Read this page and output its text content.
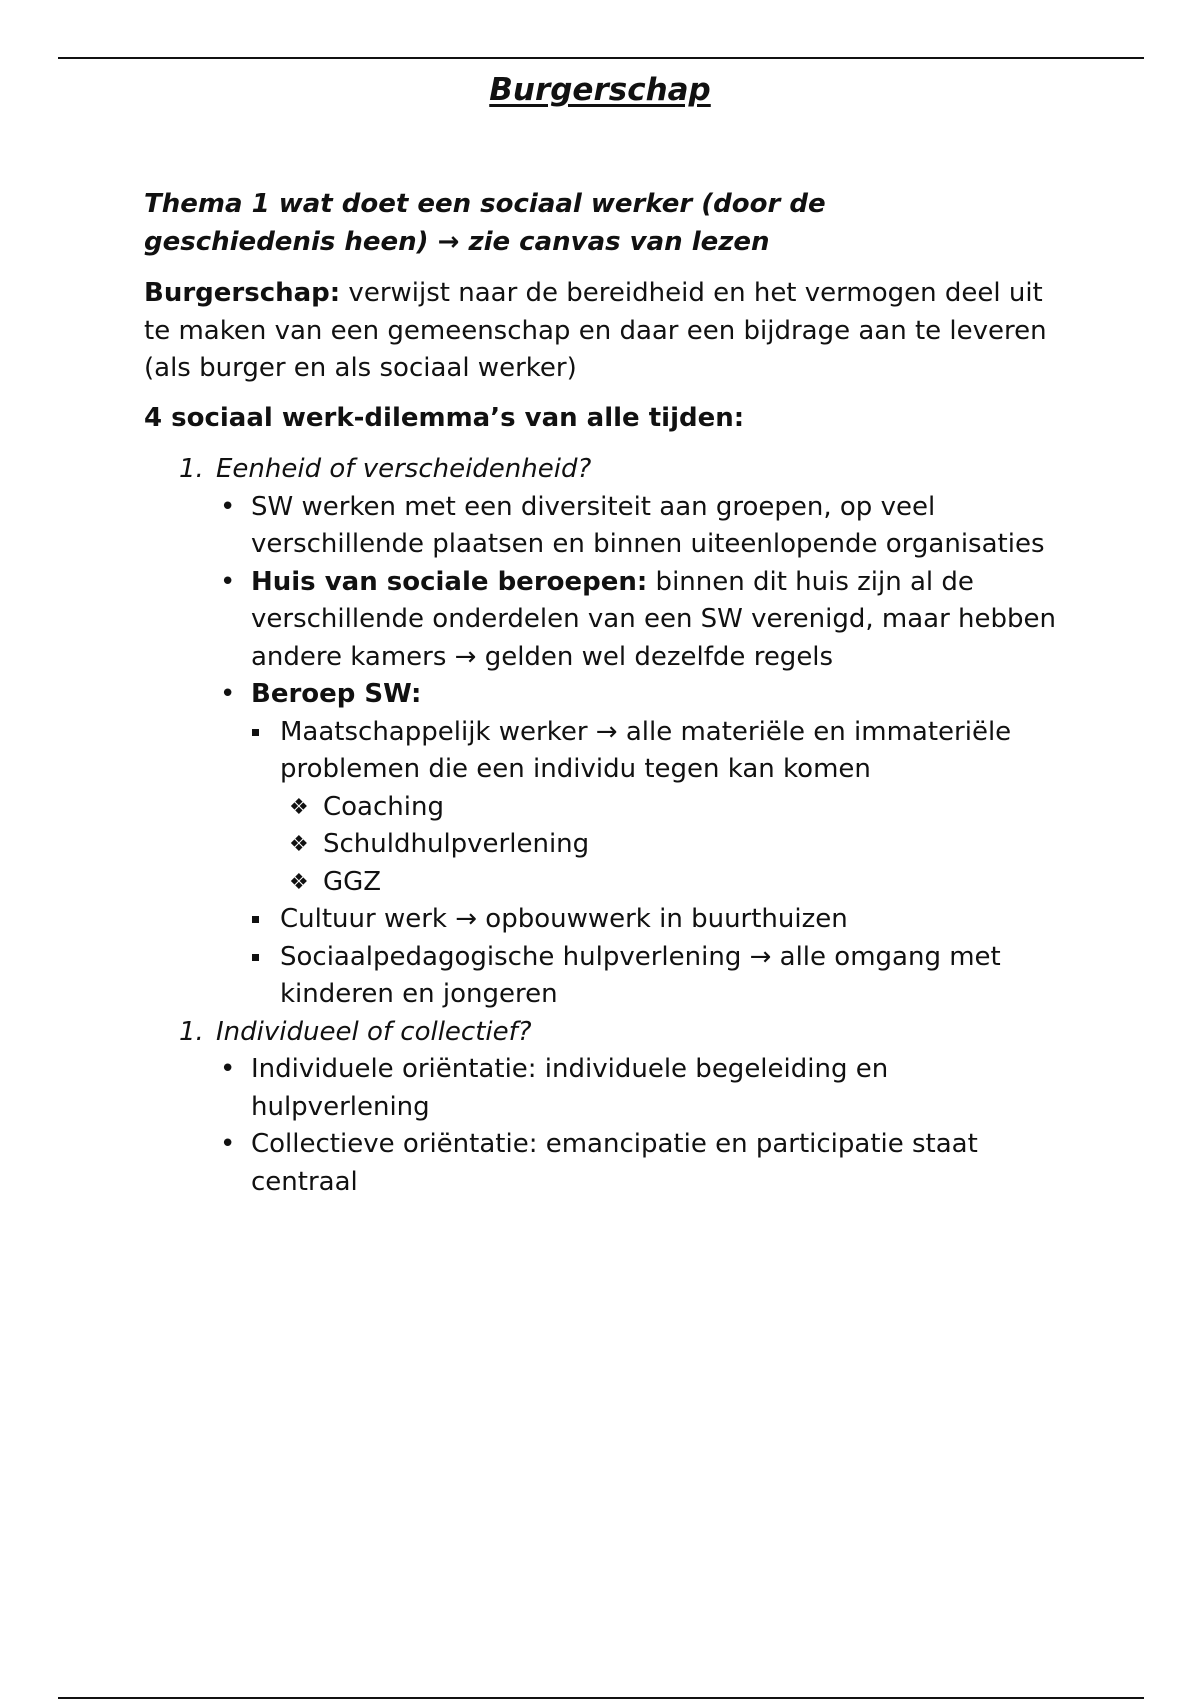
Burgerschap
Thema 1 wat doet een sociaal werker (door de
geschiedenis heen) → zie canvas van lezen

Burgerschap: verwijst naar de bereidheid en het vermogen deel uit te maken van een gemeenschap en daar een bijdrage aan te leveren (als burger en als sociaal werker)

4 sociaal werk-dilemma’s van alle tijden:
1. Eenheid of verscheidenheid?
• SW werken met een diversiteit aan groepen, op veel verschillende plaatsen en binnen uiteenlopende organisaties
• Huis van sociale beroepen: binnen dit huis zijn al de verschillende onderdelen van een SW verenigd, maar hebben andere kamers → gelden wel dezelfde regels
• Beroep SW:
Maatschappelijk werker → alle materiële en immateriële problemen die een individu tegen kan komen
❖ Coaching
❖ Schuldhulpverlening
❖ GGZ
Cultuur werk → opbouwwerk in buurthuizen
Sociaalpedagogische hulpverlening → alle omgang met kinderen en jongeren
1. Individueel of collectief?
• Individuele oriëntatie: individuele begeleiding en hulpverlening
• Collectieve oriëntatie: emancipatie en participatie staat centraal
